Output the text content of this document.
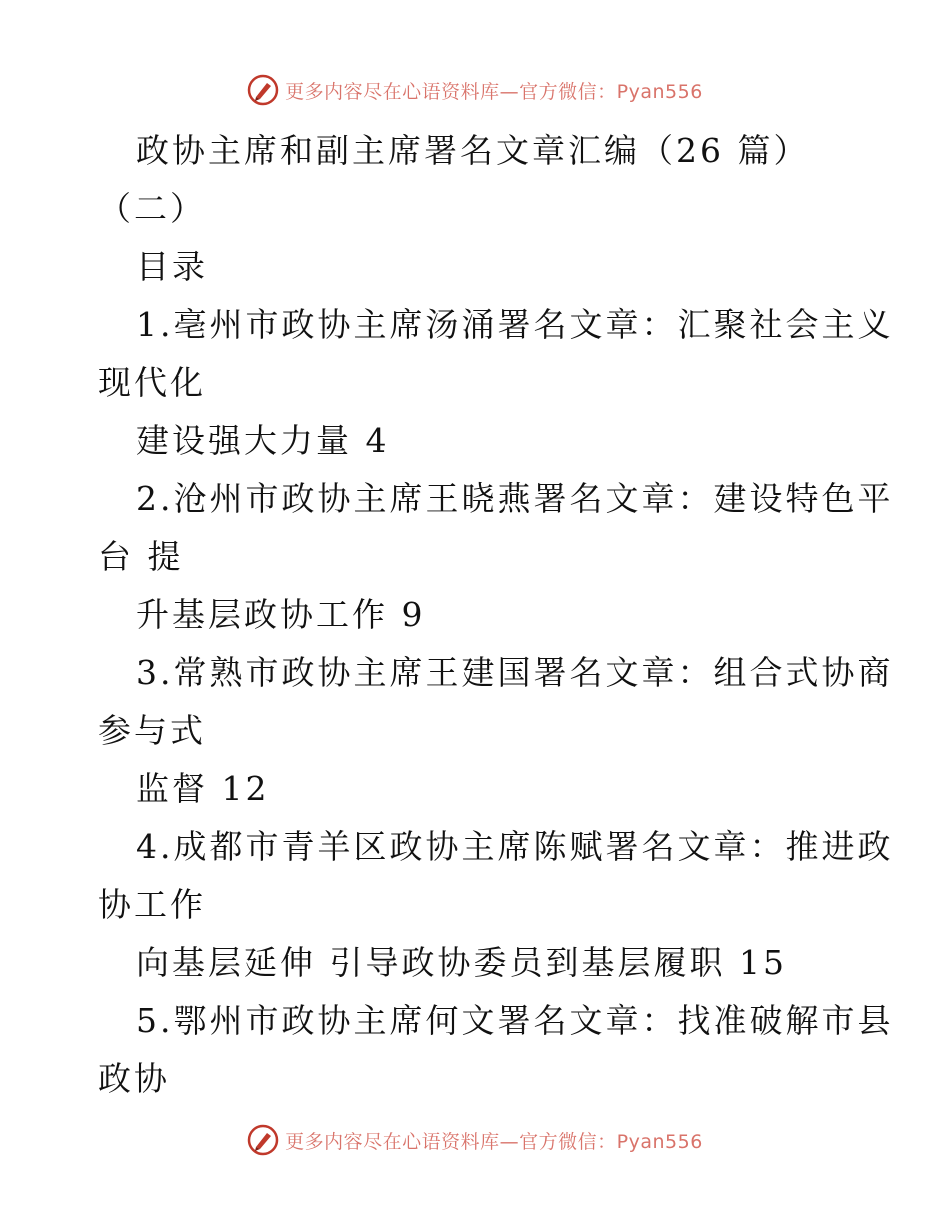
更多内容尽在心语资料库—官方微信：Pyan556
政协主席和副主席署名文章汇编（26 篇）
（二）
目录
1.亳州市政协主席汤涌署名文章：汇聚社会主义
现代化
建设强大力量 4
2.沧州市政协主席王晓燕署名文章：建设特色平
台 提
升基层政协工作 9
3.常熟市政协主席王建国署名文章：组合式协商
参与式
监督 12
4.成都市青羊区政协主席陈赋署名文章：推进政
协工作
向基层延伸 引导政协委员到基层履职 15
5.鄂州市政协主席何文署名文章：找准破解市县
政协
更多内容尽在心语资料库—官方微信：Pyan556
